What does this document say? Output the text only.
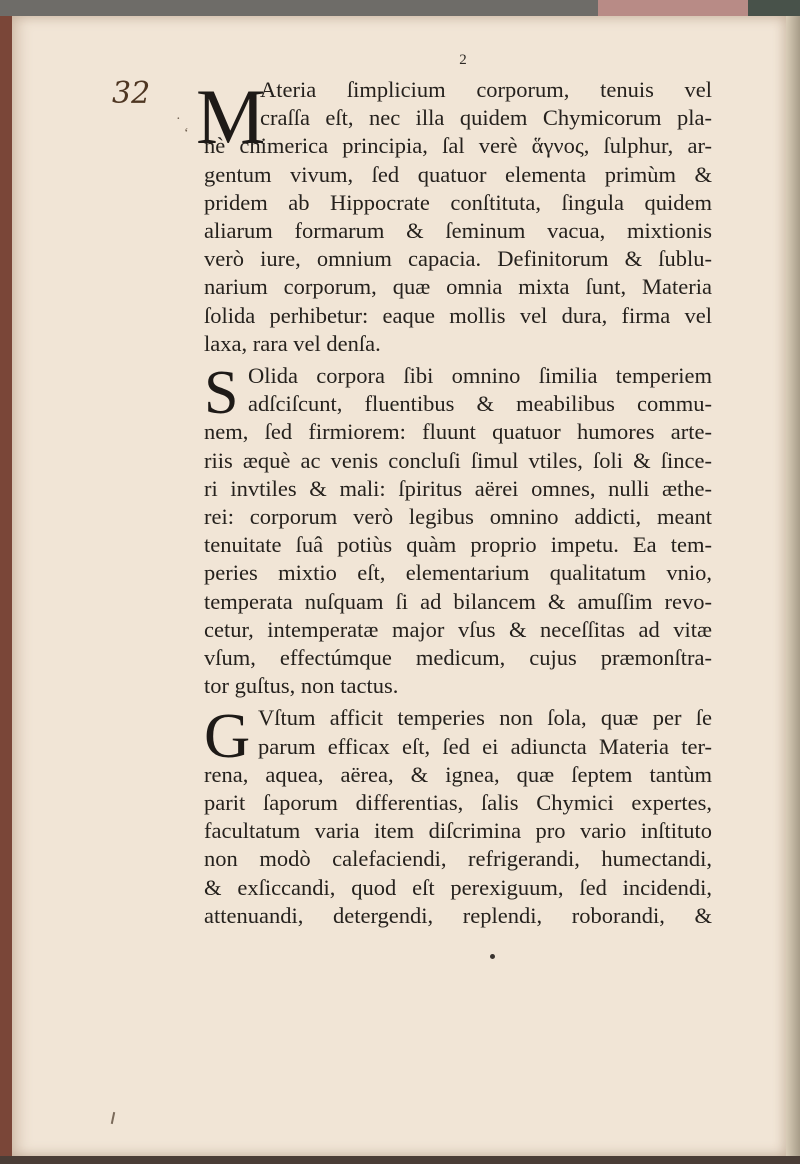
2
32
·
‘ M
Ateria ſimplicium corporum, tenuis vel
craſſa eſt, nec illa quidem Chymicorum pla-
nè chimerica principia, ſal verè ἅγνος, ſulphur, ar-
gentum vivum, ſed quatuor elementa primùm &
pridem ab Hippocrate conſtituta, ſingula quidem
aliarum formarum & ſeminum vacua, mixtionis
verò iure, omnium capacia. Definitorum & ſublu-
narium corporum, quæ omnia mixta ſunt, Materia
ſolida perhibetur: eaque mollis vel dura, firma vel
laxa, rara vel denſa.
S Olida corpora ſibi omnino ſimilia temperiem
adſciſcunt, fluentibus & meabilibus commu-
nem, ſed firmiorem: fluunt quatuor humores arte-
riis æquè ac venis concluſi ſimul vtiles, ſoli & ſince-
ri invtiles & mali: ſpiritus aërei omnes, nulli æthe-
rei: corporum verò legibus omnino addicti, meant
tenuitate ſuâ potiùs quàm proprio impetu. Ea tem-
peries mixtio eſt, elementarium qualitatum vnio,
temperata nuſquam ſi ad bilancem & amuſſim revo-
cetur, intemperatæ major vſus & neceſſitas ad vitæ
vſum, effectúmque medicum, cujus præmonſtra-
tor guſtus, non tactus.
G Vſtum afficit temperies non ſola, quæ per ſe
parum efficax eſt, ſed ei adiuncta Materia ter-
rena, aquea, aërea, & ignea, quæ ſeptem tantùm
parit ſaporum differentias, ſalis Chymici expertes,
facultatum varia item diſcrimina pro vario inſtituto
non modò calefaciendi, refrigerandi, humectandi,
& exſiccandi, quod eſt perexiguum, ſed incidendi,
attenuandi, detergendi, replendi, roborandi, &
